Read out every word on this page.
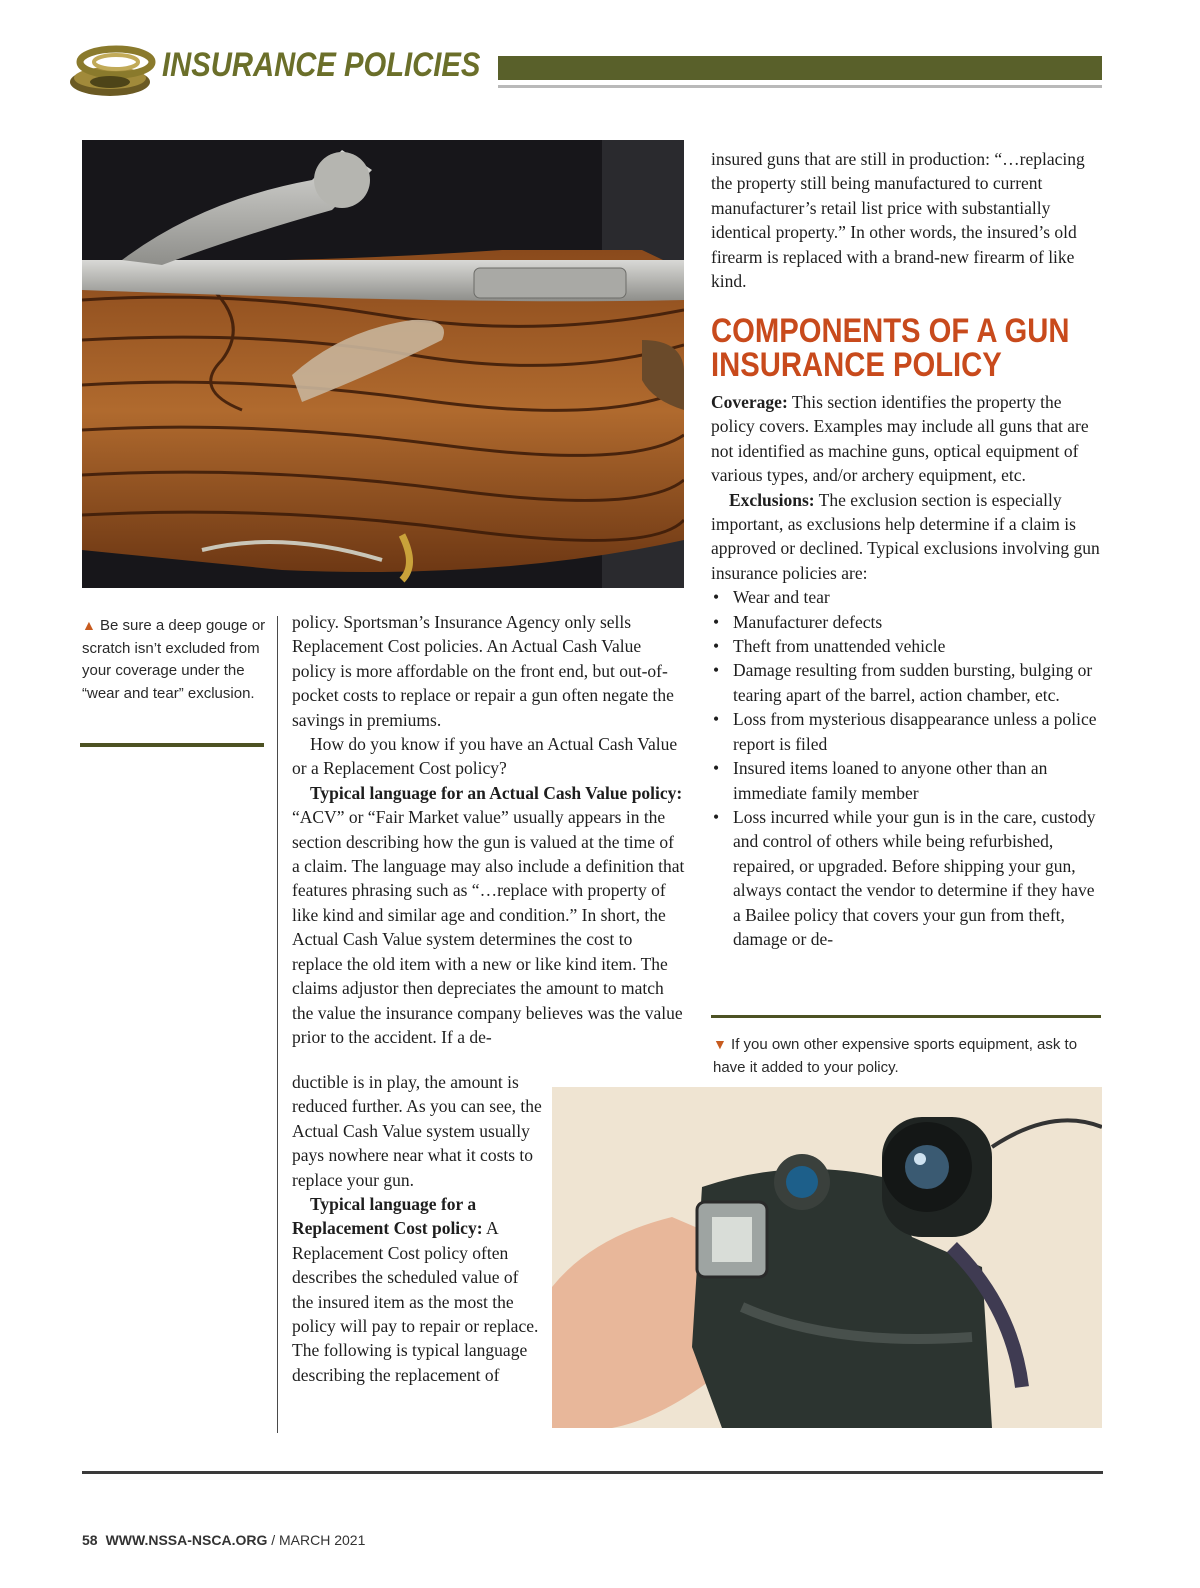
INSURANCE POLICIES
▲ Be sure a deep gouge or scratch isn’t excluded from your coverage under the “wear and tear” exclusion.

policy. Sportsman’s Insurance Agency only sells Replacement Cost policies. An Actual Cash Value policy is more affordable on the front end, but out-of-pocket costs to replace or repair a gun often negate the savings in premiums.

How do you know if you have an Actual Cash Value or a Replacement Cost policy?

Typical language for an Actual Cash Value policy: “ACV” or “Fair Market value” usually appears in the section describing how the gun is valued at the time of a claim. The language may also include a definition that features phrasing such as “…replace with property of like kind and similar age and condition.” In short, the Actual Cash Value system determines the cost to replace the old item with a new or like kind item. The claims adjustor then depreciates the amount to match the value the insurance company believes was the value prior to the accident. If a de-

ductible is in play, the amount is reduced further. As you can see, the Actual Cash Value system usually pays nowhere near what it costs to replace your gun.

Typical language for a Replacement Cost policy: A Replacement Cost policy often describes the scheduled value of the insured item as the most the policy will pay to repair or replace. The following is typical language describing the replacement of

insured guns that are still in production: “…replacing the property still being manufactured to current manufacturer’s retail list price with substantially identical property.” In other words, the insured’s old firearm is replaced with a brand-new firearm of like kind.

COMPONENTS OF A GUN INSURANCE POLICY

Coverage: This section identifies the property the policy covers. Examples may include all guns that are not identified as machine guns, optical equipment of various types, and/or archery equipment, etc.

Exclusions: The exclusion section is especially important, as exclusions help determine if a claim is approved or declined. Typical exclusions involving gun insurance policies are:

• Wear and tear
• Manufacturer defects
• Theft from unattended vehicle
• Damage resulting from sudden bursting, bulging or tearing apart of the barrel, action chamber, etc.
• Loss from mysterious disappearance unless a police report is filed
• Insured items loaned to anyone other than an immediate family member
• Loss incurred while your gun is in the care, custody and control of others while being refurbished, repaired, or upgraded. Before shipping your gun, always contact the vendor to determine if they have a Bailee policy that covers your gun from theft, damage or de-
▼ If you own other expensive sports equipment, ask to have it added to your policy.
58 WWW.NSSA-NSCA.ORG / MARCH 2021
